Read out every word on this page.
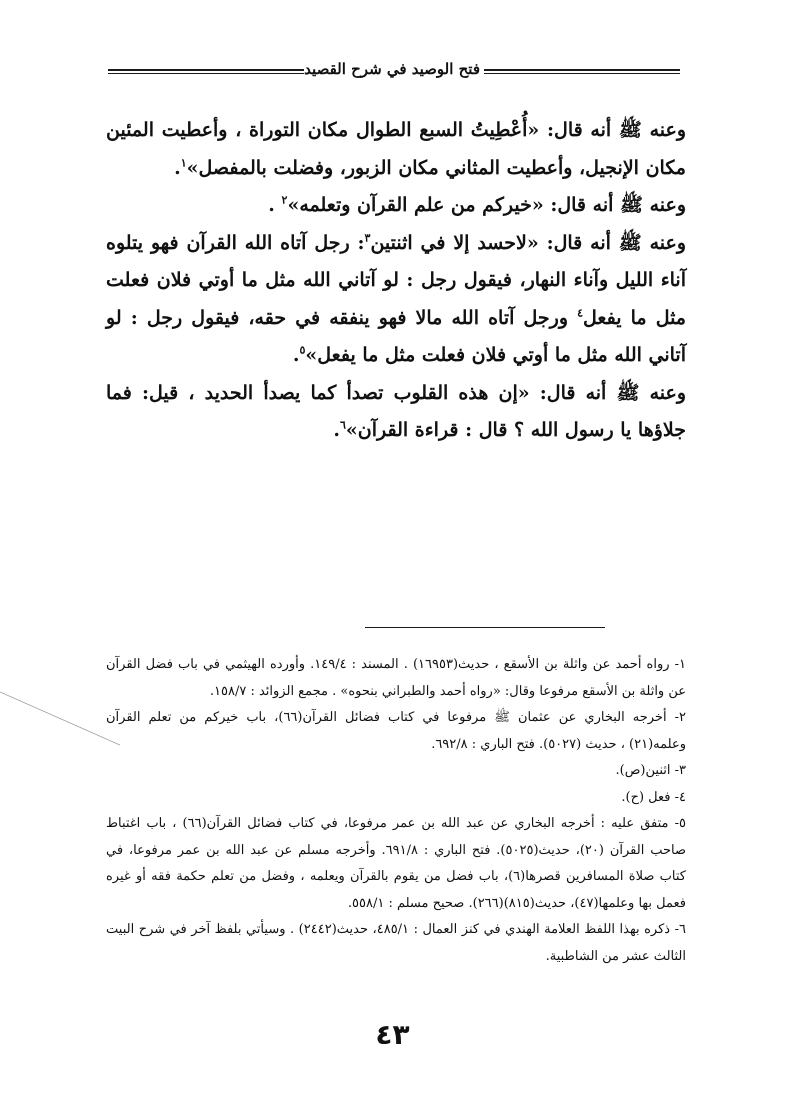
فتح الوصيد في شرح القصيد

وعنه ﷺ أنه قال: «أُعْطِيتُ السبع الطوال مكان التوراة ، وأعطيت المئين مكان الإنجيل، وأعطيت المثاني مكان الزبور، وفضلت بالمفصل»$^١$.

وعنه ﷺ أنه قال: «خيركم من علم القرآن وتعلمه»$^٢$ .

وعنه ﷺ أنه قال: «لاحسد إلا في اثنتين$^٣$: رجل آتاه الله القرآن فهو يتلوه آناء الليل وآناء النهار، فيقول رجل : لو آتاني الله مثل ما أوتي فلان فعلت مثل ما يفعل$^٤$ ورجل آتاه الله مالا فهو ينفقه في حقه، فيقول رجل : لو آتاني الله مثل ما أوتي فلان فعلت مثل ما يفعل»$^٥$.

وعنه ﷺ أنه قال: «إن هذه القلوب تصدأ كما يصدأ الحديد ، قيل: فما جلاؤها يا رسول الله ؟ قال : قراءة القرآن»$^٦$.

١- رواه أحمد عن واثلة بن الأسقع ، حديث(١٦٩٥٣) . المسند : ١٤٩/٤. وأورده الهيثمي في باب فضل القرآن عن واثلة بن الأسقع مرفوعا وقال: «رواه أحمد والطبراني بنحوه» . مجمع الزوائد : ١٥٨/٧.

٢- أخرجه البخاري عن عثمان ﷺ مرفوعا في كتاب فضائل القرآن(٦٦)، باب خيركم من تعلم القرآن وعلمه(٢١) ، حديث (٥٠٢٧). فتح الباري : ٦٩٢/٨.

٣- اثنين(ص).

٤- فعل (ح).

٥- متفق عليه : أخرجه البخاري عن عبد الله بن عمر مرفوعا، في كتاب فضائل القرآن(٦٦) ، باب اغتباط صاحب القرآن (٢٠)، حديث(٥٠٢٥). فتح الباري : ٦٩١/٨. وأخرجه مسلم عن عبد الله بن عمر مرفوعا، في كتاب صلاة المسافرين قصرها(٦)، باب فضل من يقوم بالقرآن ويعلمه ، وفضل من تعلم حكمة فقه أو غيره فعمل بها وعلمها(٤٧)، حديث(٨١٥)(٢٦٦). صحيح مسلم : ٥٥٨/١.

٦- ذكره بهذا اللفظ العلامة الهندي في كنز العمال : ٤٨٥/١، حديث(٢٤٤٢) . وسيأتي بلفظ آخر في شرح البيت الثالث عشر من الشاطبية.

٤٣
